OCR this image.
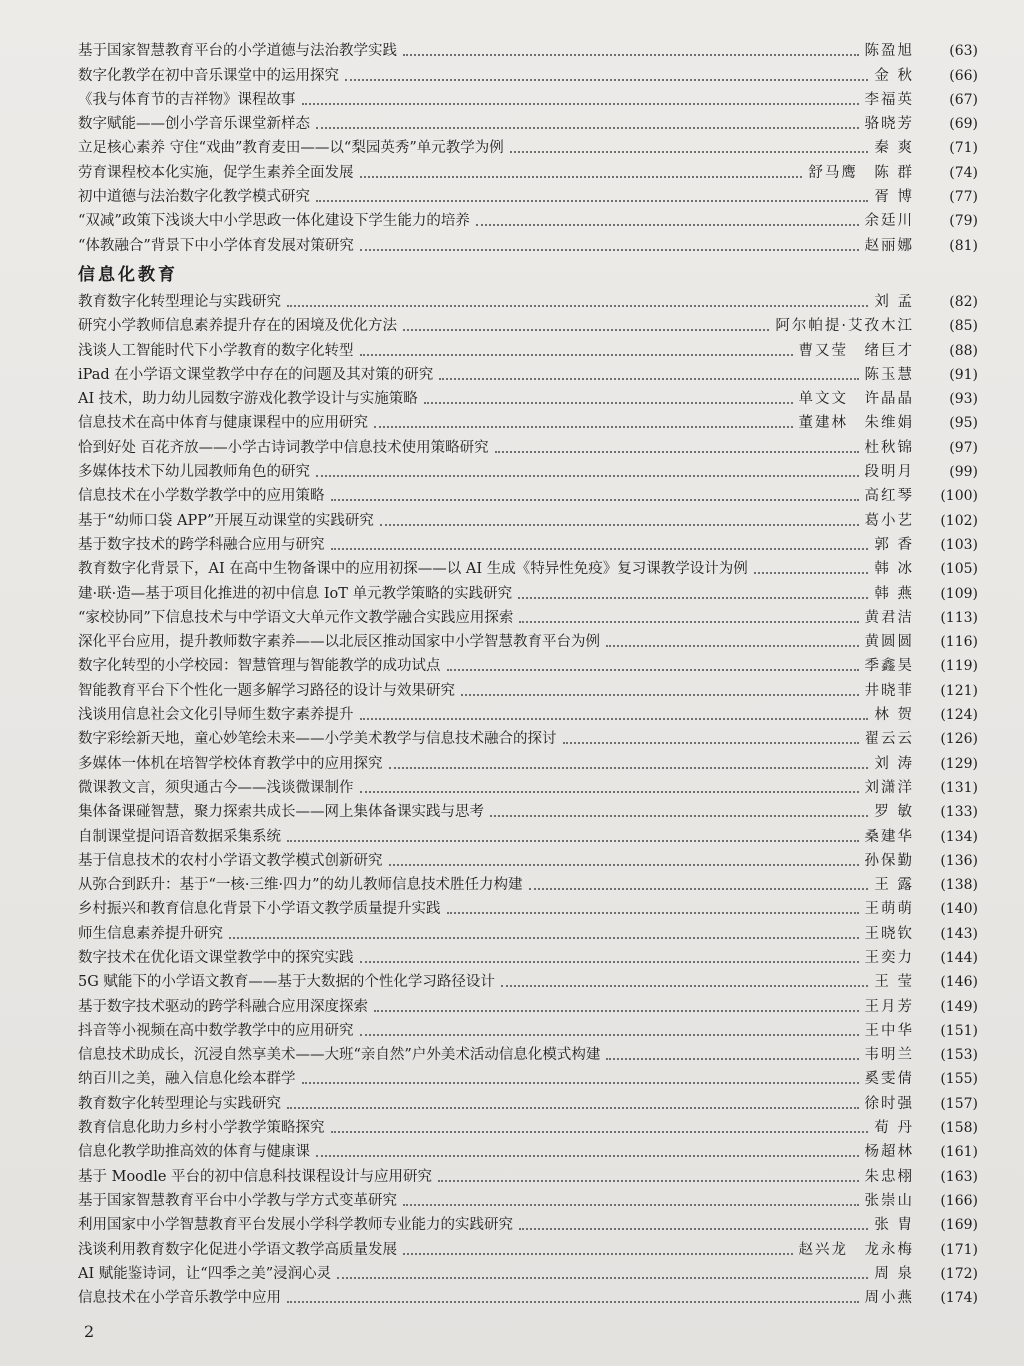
基于国家智慧教育平台的小学道德与法治教学实践	陈盈旭	(63)
数字化教学在初中音乐课堂中的运用探究	金 秋	(66)
《我与体育节的吉祥物》课程故事	李福英	(67)
数字赋能——创小学音乐课堂新样态	骆晓芳	(69)
立足核心素养 守住“戏曲”教育麦田——以“梨园英秀”单元教学为例	秦 爽	(71)
劳育课程校本化实施，促学生素养全面发展	舒马鹰　陈 群	(74)
初中道德与法治数字化教学模式研究	胥 博	(77)
“双减”政策下浅谈大中小学思政一体化建设下学生能力的培养	余廷川	(79)
“体教融合”背景下中小学体育发展对策研究	赵丽娜	(81)
信息化教育
教育数字化转型理论与实践研究	刘 孟	(82)
研究小学教师信息素养提升存在的困境及优化方法	阿尔帕提·艾孜木江	(85)
浅谈人工智能时代下小学教育的数字化转型	曹又莹　绪巨才	(88)
iPad 在小学语文课堂教学中存在的问题及其对策的研究	陈玉慧	(91)
AI 技术，助力幼儿园数字游戏化教学设计与实施策略	单文文　许晶晶	(93)
信息技术在高中体育与健康课程中的应用研究	董建林　朱维娟	(95)
恰到好处 百花齐放——小学古诗词教学中信息技术使用策略研究	杜秋锦	(97)
多媒体技术下幼儿园教师角色的研究	段明月	(99)
信息技术在小学数学教学中的应用策略	高红琴	(100)
基于“幼师口袋 APP”开展互动课堂的实践研究	葛小艺	(102)
基于数字技术的跨学科融合应用与研究	郭 香	(103)
教育数字化背景下，AI 在高中生物备课中的应用初探——以 AI 生成《特异性免疫》复习课教学设计为例	韩 冰	(105)
建·联·造—基于项目化推进的初中信息 IoT 单元教学策略的实践研究	韩 燕	(109)
“家校协同”下信息技术与中学语文大单元作文教学融合实践应用探索	黄君洁	(113)
深化平台应用，提升教师数字素养——以北辰区推动国家中小学智慧教育平台为例	黄圆圆	(116)
数字化转型的小学校园：智慧管理与智能教学的成功试点	季鑫昊	(119)
智能教育平台下个性化一题多解学习路径的设计与效果研究	井晓菲	(121)
浅谈用信息社会文化引导师生数字素养提升	林 贺	(124)
数字彩绘新天地，童心妙笔绘未来——小学美术教学与信息技术融合的探讨	翟云云	(126)
多媒体一体机在培智学校体育教学中的应用探究	刘 涛	(129)
微课教文言，须臾通古今——浅谈微课制作	刘潇洋	(131)
集体备课碰智慧，聚力探索共成长——网上集体备课实践与思考	罗 敏	(133)
自制课堂提问语音数据采集系统	桑建华	(134)
基于信息技术的农村小学语文教学模式创新研究	孙保勤	(136)
从弥合到跃升：基于“一核·三维·四力”的幼儿教师信息技术胜任力构建	王 露	(138)
乡村振兴和教育信息化背景下小学语文教学质量提升实践	王萌萌	(140)
师生信息素养提升研究	王晓钦	(143)
数字技术在优化语文课堂教学中的探究实践	王奕力	(144)
5G 赋能下的小学语文教育——基于大数据的个性化学习路径设计	王 莹	(146)
基于数字技术驱动的跨学科融合应用深度探索	王月芳	(149)
抖音等小视频在高中数学教学中的应用研究	王中华	(151)
信息技术助成长，沉浸自然享美术——大班“亲自然”户外美术活动信息化模式构建	韦明兰	(153)
纳百川之美，融入信息化绘本群学	奚雯倩	(155)
教育数字化转型理论与实践研究	徐时强	(157)
教育信息化助力乡村小学教学策略探究	荀 丹	(158)
信息化教学助推高效的体育与健康课	杨超林	(161)
基于 Moodle 平台的初中信息科技课程设计与应用研究	朱忠栩	(163)
基于国家智慧教育平台中小学教与学方式变革研究	张崇山	(166)
利用国家中小学智慧教育平台发展小学科学教师专业能力的实践研究	张 胄	(169)
浅谈利用教育数字化促进小学语文教学高质量发展	赵兴龙　龙永梅	(171)
AI 赋能鉴诗词，让“四季之美”浸润心灵	周 泉	(172)
信息技术在小学音乐教学中应用	周小燕	(174)
2
